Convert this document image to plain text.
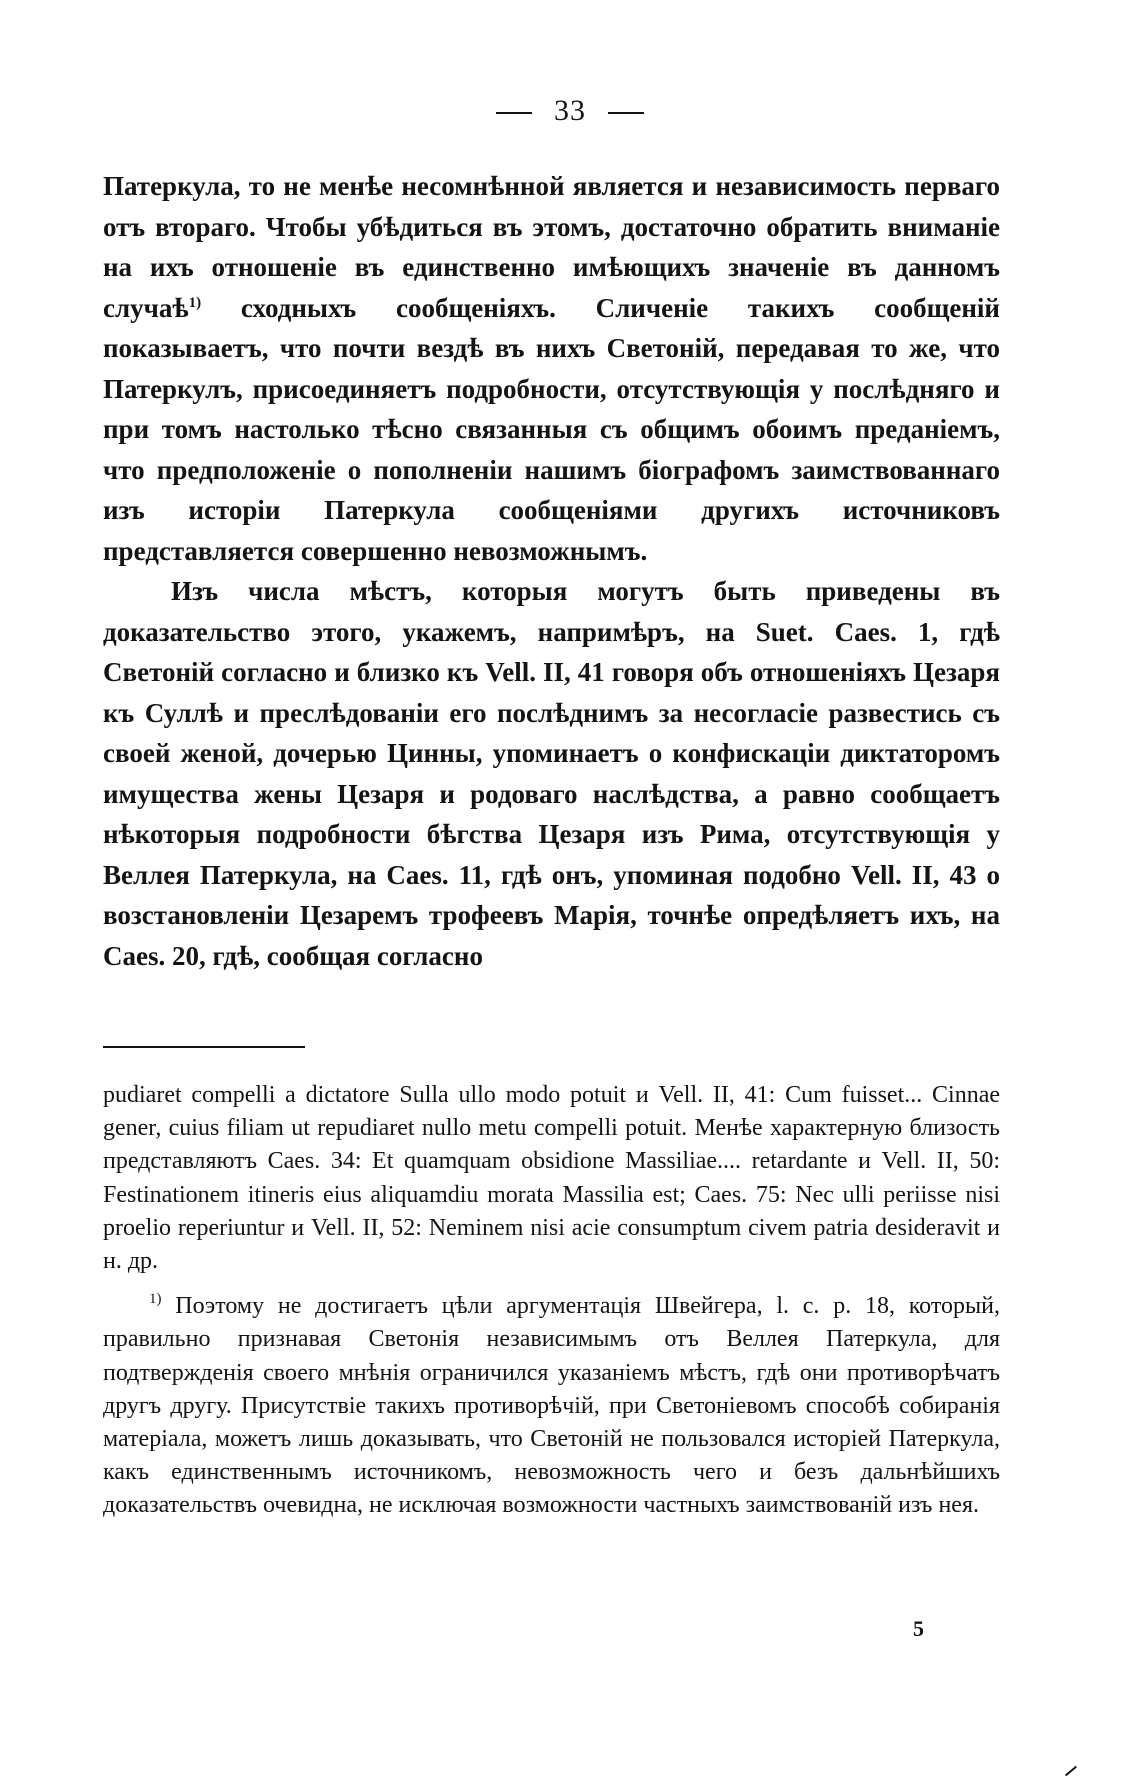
33

Патеркула, то не менѣе несомнѣнной является и независимость перваго отъ втораго. Чтобы убѣдиться въ этомъ, достаточно обратить вниманіе на ихъ отношеніе въ единственно имѣющихъ значеніе въ данномъ случаѣ$^{1)}$ сходныхъ сообщеніяхъ. Сличеніе такихъ сообщеній показываетъ, что почти вездѣ въ нихъ Светоній, передавая то же, что Патеркулъ, присоединяетъ подробности, отсутствующія у послѣдняго и при томъ настолько тѣсно связанныя съ общимъ обоимъ преданіемъ, что предположеніе о пополненіи нашимъ біографомъ заимствованнаго изъ исторіи Патеркула сообщеніями другихъ источниковъ представляется совершенно невозможнымъ.

Изъ числа мѣстъ, которыя могутъ быть приведены въ доказательство этого, укажемъ, напримѣръ, на Suet. Caes. 1, гдѣ Светоній согласно и близко къ Vell. II, 41 говоря объ отношеніяхъ Цезаря къ Суллѣ и преслѣдованіи его послѣднимъ за несогласіе развестись съ своей женой, дочерью Цинны, упоминаетъ о конфискаціи диктаторомъ имущества жены Цезаря и родоваго наслѣдства, а равно сообщаетъ нѣкоторыя подробности бѣгства Цезаря изъ Рима, отсутствующія у Веллея Патеркула, на Caes. 11, гдѣ онъ, упоминая подобно Vell. II, 43 о возстановленіи Цезаремъ трофеевъ Марія, точнѣе опредѣляетъ ихъ, на Caes. 20, гдѣ, сообщая согласно

pudiaret compelli a dictatore Sulla ullo modo potuit и Vell. II, 41: Cum fuisset... Cinnae gener, cuius filiam ut repudiaret nullo metu compelli potuit. Менѣе характерную близость представляютъ Caes. 34: Et quamquam obsidione Massiliae.... retardante и Vell. II, 50: Festinationem itineris eius aliquamdiu morata Massilia est; Caes. 75: Nec ulli periisse nisi proelio reperiuntur и Vell. II, 52: Neminem nisi acie consumptum civem patria desideravit и н. др.

$^{1)}$ Поэтому не достигаетъ цѣли аргументація Швейгера, l. c. p. 18, который, правильно признавая Светонія независимымъ отъ Веллея Патеркула, для подтвержденія своего мнѣнія ограничился указаніемъ мѣстъ, гдѣ они противорѣчатъ другъ другу. Присутствіе такихъ противорѣчій, при Светоніевомъ способѣ собиранія матеріала, можетъ лишь доказывать, что Светоній не пользовался исторіей Патеркула, какъ единственнымъ источникомъ, невозможность чего и безъ дальнѣйшихъ доказательствъ очевидна, не исключая возможности частныхъ заимствованій изъ нея.

5
